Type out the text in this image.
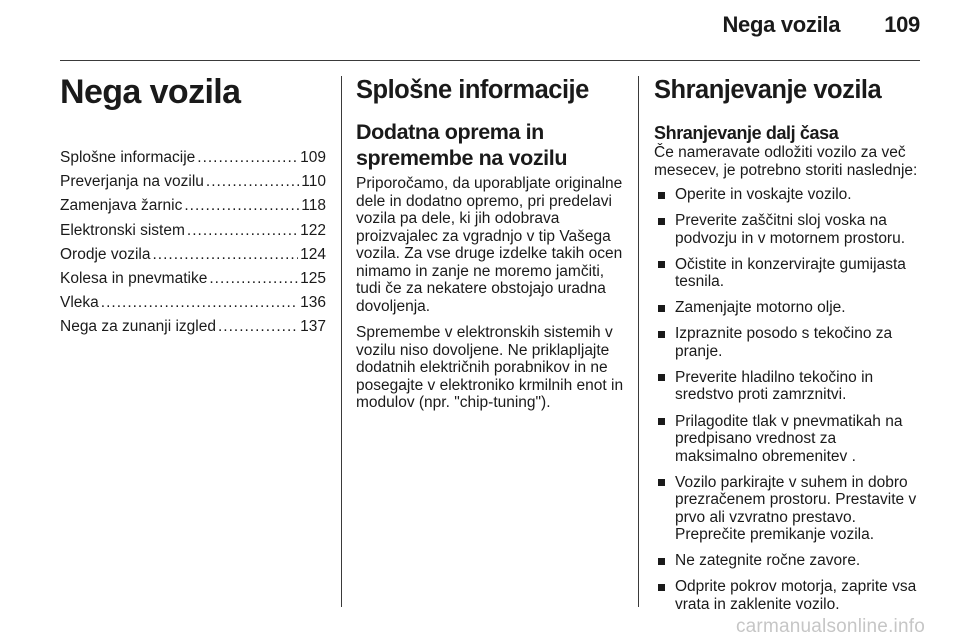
Nega vozila 109
Nega vozila
Splošne informacije .....	109
Preverjanja na vozilu .....	110
Zamenjava žarnic .....	118
Elektronski sistem .....	122
Orodje vozila .....	124
Kolesa in pnevmatike .....	125
Vleka .....	136
Nega za zunanji izgled .....	137
Splošne informacije
Dodatna oprema in spremembe na vozilu

Priporočamo, da uporabljate originalne dele in dodatno opremo, pri predelavi vozila pa dele, ki jih odobrava proizvajalec za vgradnjo v tip Vašega vozila. Za vse druge izdelke takih ocen nimamo in zanje ne moremo jamčiti, tudi če za nekatere obstojajo uradna dovoljenja.

Spremembe v elektronskih sistemih v vozilu niso dovoljene. Ne priklapljajte dodatnih električnih porabnikov in ne posegajte v elektroniko krmilnih enot in modulov (npr. "chip-tuning").

Shranjevanje vozila
Shranjevanje dalj časa

Če nameravate odložiti vozilo za več mesecev, je potrebno storiti naslednje:

Operite in voskajte vozilo.
Preverite zaščitni sloj voska na podvozju in v motornem prostoru.
Očistite in konzervirajte gumijasta tesnila.
Zamenjajte motorno olje.
Izpraznite posodo s tekočino za pranje.
Preverite hladilno tekočino in sredstvo proti zamrznitvi.
Prilagodite tlak v pnevmatikah na predpisano vrednost za maksimalno obremenitev .
Vozilo parkirajte v suhem in dobro prezračenem prostoru. Prestavite v prvo ali vzvratno prestavo. Preprečite premikanje vozila.
Ne zategnite ročne zavore.
Odprite pokrov motorja, zaprite vsa vrata in zaklenite vozilo.
carmanualsonline.info
